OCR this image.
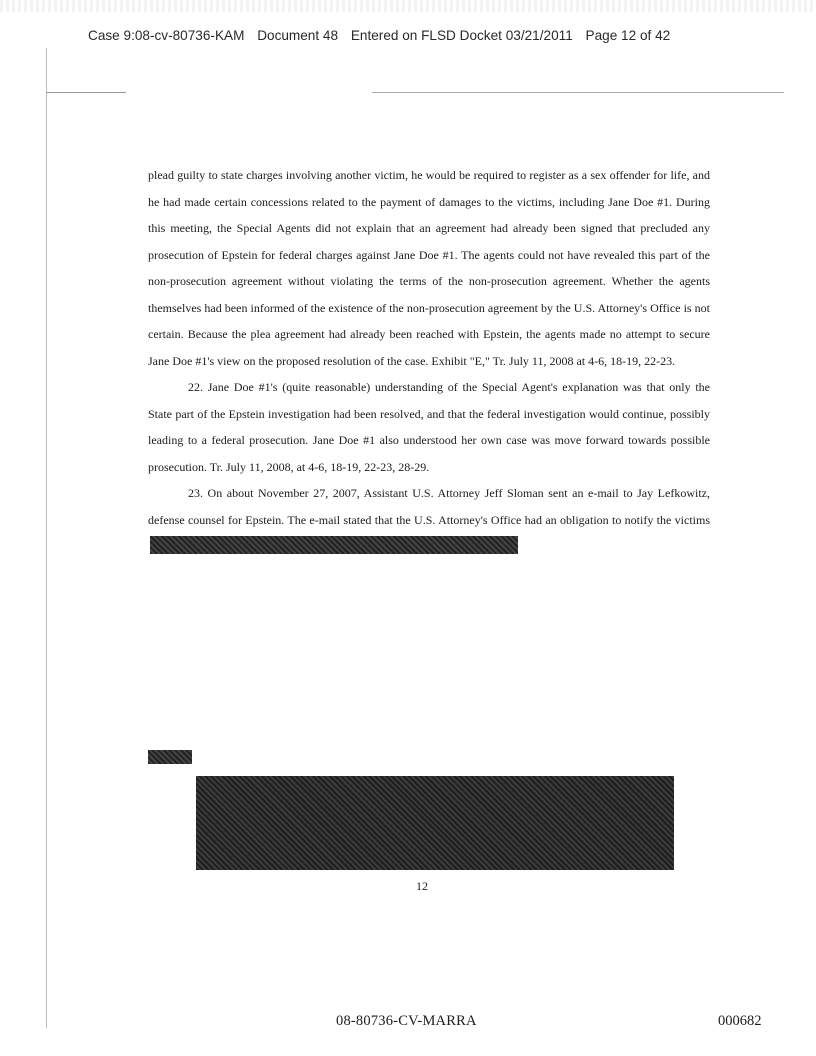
Case 9:08-cv-80736-KAM Document 48 Entered on FLSD Docket 03/21/2011 Page 12 of 42

plead guilty to state charges involving another victim, he would be required to register as a sex offender for life, and he had made certain concessions related to the payment of damages to the victims, including Jane Doe #1. During this meeting, the Special Agents did not explain that an agreement had already been signed that precluded any prosecution of Epstein for federal charges against Jane Doe #1. The agents could not have revealed this part of the non-prosecution agreement without violating the terms of the non-prosecution agreement. Whether the agents themselves had been informed of the existence of the non-prosecution agreement by the U.S. Attorney's Office is not certain. Because the plea agreement had already been reached with Epstein, the agents made no attempt to secure Jane Doe #1's view on the proposed resolution of the case. Exhibit "E," Tr. July 11, 2008 at 4-6, 18-19, 22-23.

22. Jane Doe #1's (quite reasonable) understanding of the Special Agent's explanation was that only the State part of the Epstein investigation had been resolved, and that the federal investigation would continue, possibly leading to a federal prosecution. Jane Doe #1 also understood her own case was move forward towards possible prosecution. Tr. July 11, 2008, at 4-6, 18-19, 22-23, 28-29.

23. On about November 27, 2007, Assistant U.S. Attorney Jeff Sloman sent an e-mail to Jay Lefkowitz, defense counsel for Epstein. The e-mail stated that the U.S. Attorney's Office had an obligation to notify the victims

12
08-80736-CV-MARRA	000682
